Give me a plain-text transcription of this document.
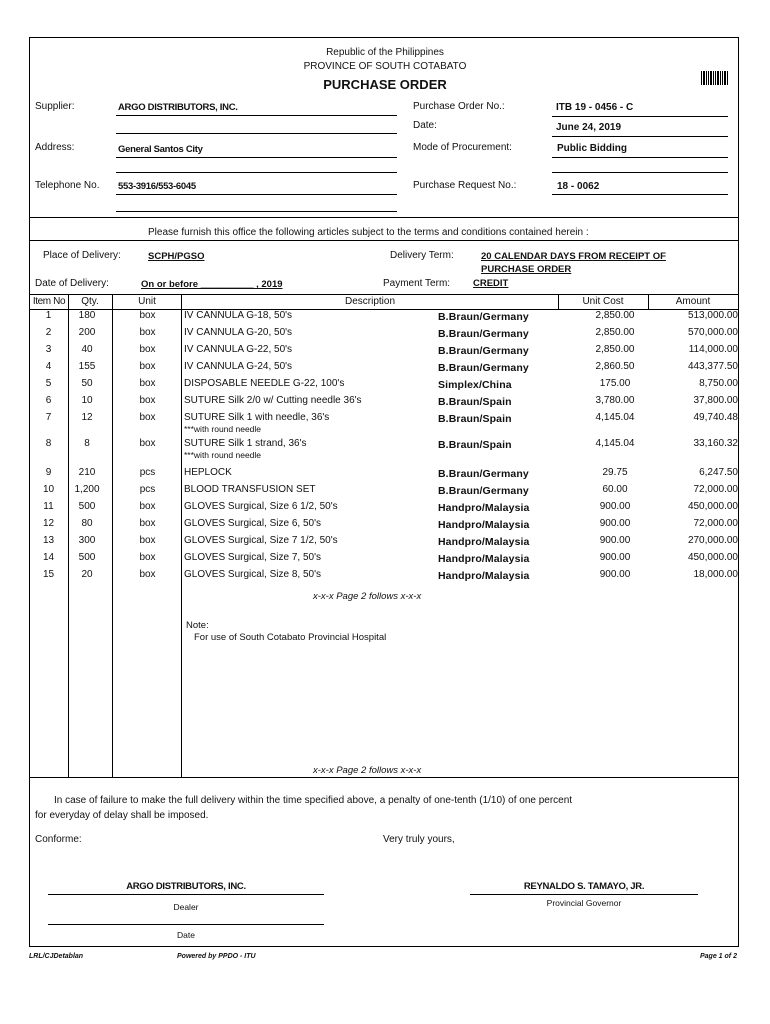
Republic of the Philippines
PROVINCE OF SOUTH COTABATO
PURCHASE ORDER
Supplier:	ARGO DISTRIBUTORS, INC.
Address:	General Santos City
Telephone No. 553-3916/553-6045
Purchase Order No.:	ITB 19 - 0456 - C
Date:	June 24, 2019
Mode of Procurement:	Public Bidding
Purchase Request No.:	18 - 0062
Please furnish this office the following articles subject to the terms and conditions contained herein :
Place of Delivery:	SCPH/PGSO	Delivery Term:	20 CALENDAR DAYS FROM RECEIPT OF
PURCHASE ORDER
Date of Delivery:	On or before __________ , 2019	Payment Term: CREDIT
Item No	Qty.	Unit	Description	Unit Cost	Amount
1	180	box	IV CANNULA G-18, 50's	B.Braun/Germany	2,850.00	513,000.00
2	200	box	IV CANNULA G-20, 50's	B.Braun/Germany	2,850.00	570,000.00
3	40	box	IV CANNULA G-22, 50's	B.Braun/Germany	2,850.00	114,000.00
4	155	box	IV CANNULA G-24, 50's	B.Braun/Germany	2,860.50	443,377.50
5	50	box	DISPOSABLE NEEDLE G-22, 100's	Simplex/China	175.00	8,750.00
6	10	box	SUTURE Silk 2/0 w/ Cutting needle 36's	B.Braun/Spain	3,780.00	37,800.00
7	12	box	SUTURE Silk 1 with needle, 36's	B.Braun/Spain	4,145.04	49,740.48
***with round needle
8	8	box	SUTURE Silk 1 strand, 36's	B.Braun/Spain	4,145.04	33,160.32
***with round needle
9	210	pcs	HEPLOCK	B.Braun/Germany	29.75	6,247.50
10	1,200	pcs	BLOOD TRANSFUSION SET	B.Braun/Germany	60.00	72,000.00
11	500	box	GLOVES Surgical, Size 6 1/2, 50's	Handpro/Malaysia	900.00	450,000.00
12	80	box	GLOVES Surgical, Size 6, 50's	Handpro/Malaysia	900.00	72,000.00
13	300	box	GLOVES Surgical, Size 7 1/2, 50's	Handpro/Malaysia	900.00	270,000.00
14	500	box	GLOVES Surgical, Size 7, 50's	Handpro/Malaysia	900.00	450,000.00
15	20	box	GLOVES Surgical, Size 8, 50's	Handpro/Malaysia	900.00	18,000.00
x-x-x Page 2 follows x-x-x
Note:
For use of South Cotabato Provincial Hospital
x-x-x Page 2 follows x-x-x
In case of failure to make the full delivery within the time specified above, a penalty of one-tenth (1/10) of one percent
for everyday of delay shall be imposed.
Conforme:	Very truly yours,
ARGO DISTRIBUTORS, INC.
Dealer
Date
REYNALDO S. TAMAYO, JR.
Provincial Governor
LRL/CJDetablan	Powered by PPDO - ITU	Page 1 of 2
